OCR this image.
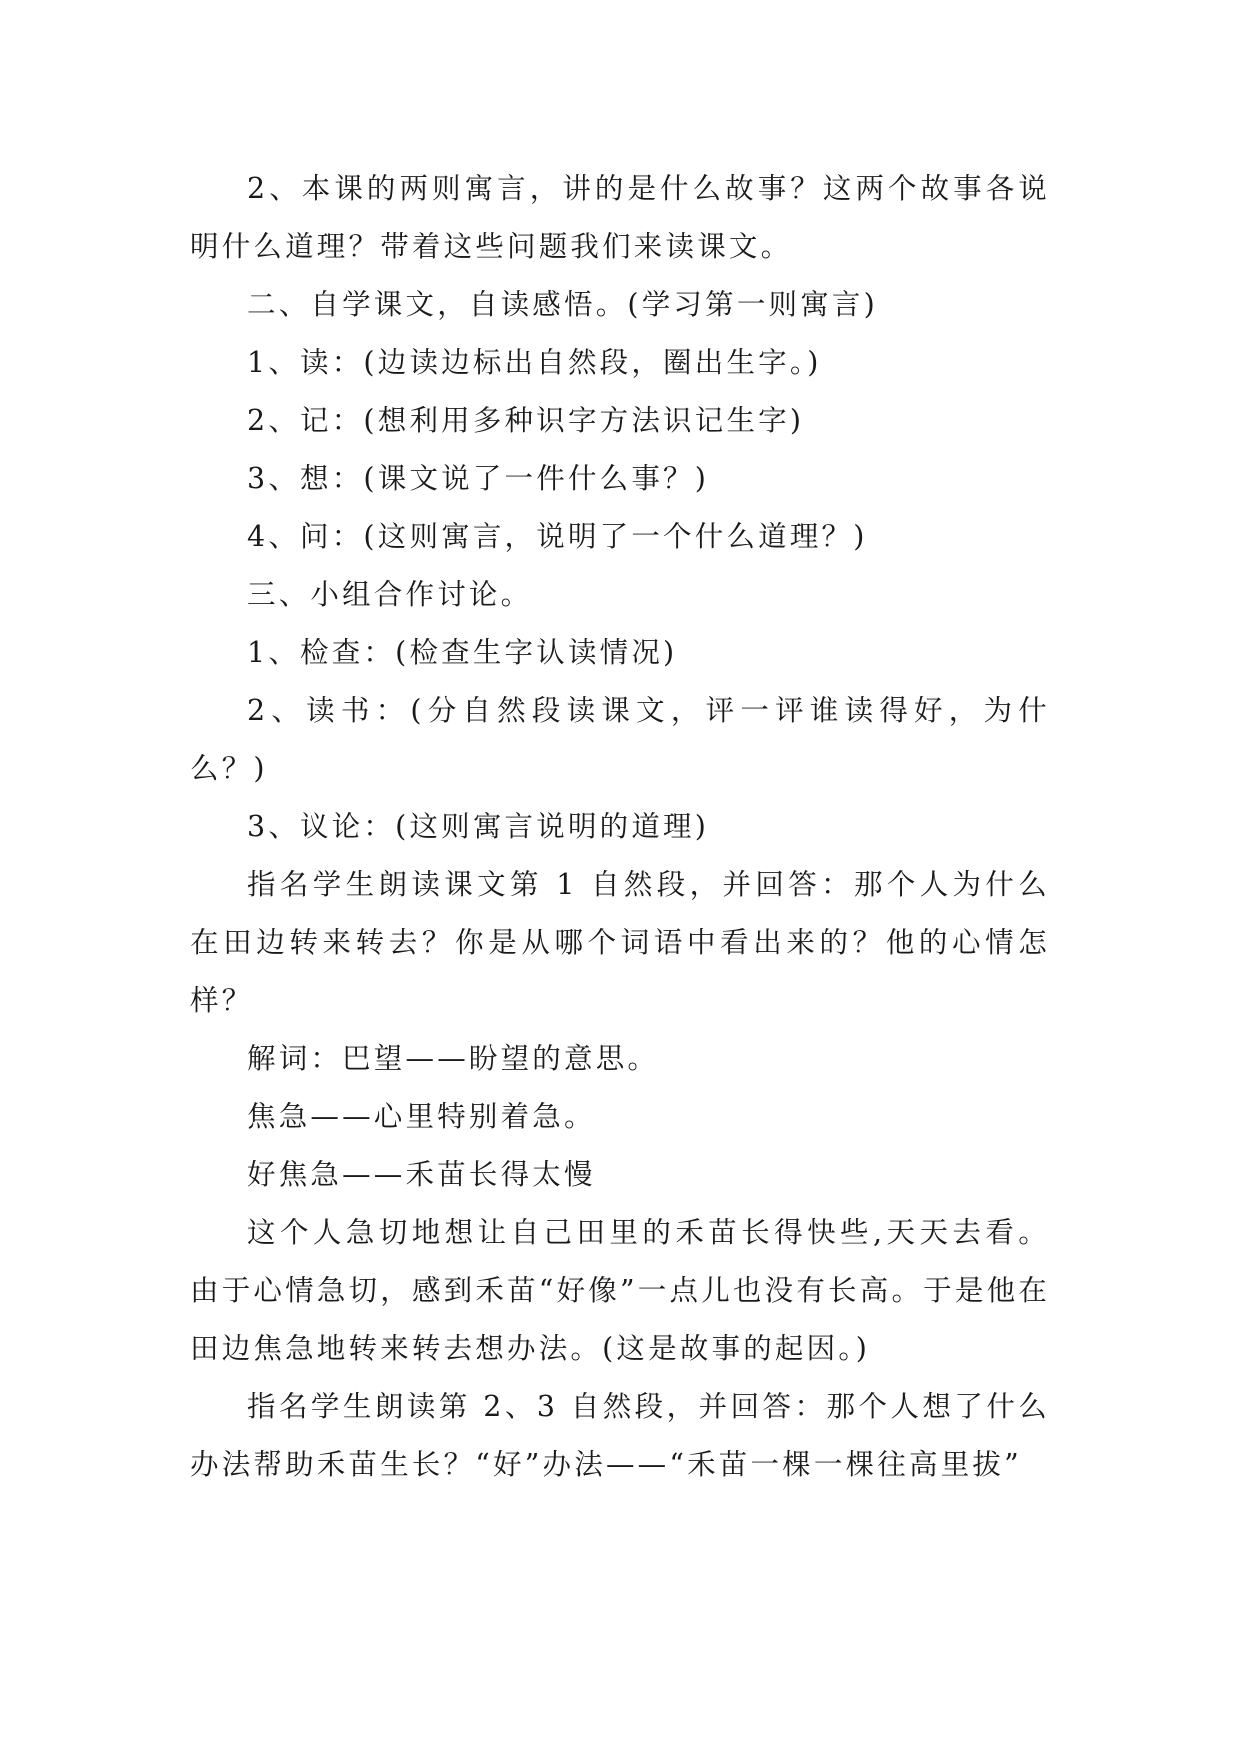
2、本课的两则寓言，讲的是什么故事？这两个故事各说明什么道理？带着这些问题我们来读课文。

二、自学课文，自读感悟。(学习第一则寓言)

1、读：(边读边标出自然段，圈出生字。)

2、记：(想利用多种识字方法识记生字)

3、想：(课文说了一件什么事？)

4、问：(这则寓言，说明了一个什么道理？)

三、小组合作讨论。

1、检查：(检查生字认读情况)

2、读书：(分自然段读课文，评一评谁读得好，为什么？)

3、议论：(这则寓言说明的道理)

指名学生朗读课文第 1 自然段，并回答：那个人为什么在田边转来转去？你是从哪个词语中看出来的？他的心情怎样？

解词：巴望——盼望的意思。

焦急——心里特别着急。

好焦急——禾苗长得太慢

这个人急切地想让自己田里的禾苗长得快些,天天去看。由于心情急切，感到禾苗“好像”一点儿也没有长高。于是他在田边焦急地转来转去想办法。(这是故事的起因。)

指名学生朗读第 2、3 自然段，并回答：那个人想了什么办法帮助禾苗生长？“好”办法——“禾苗一棵一棵往高里拔”
